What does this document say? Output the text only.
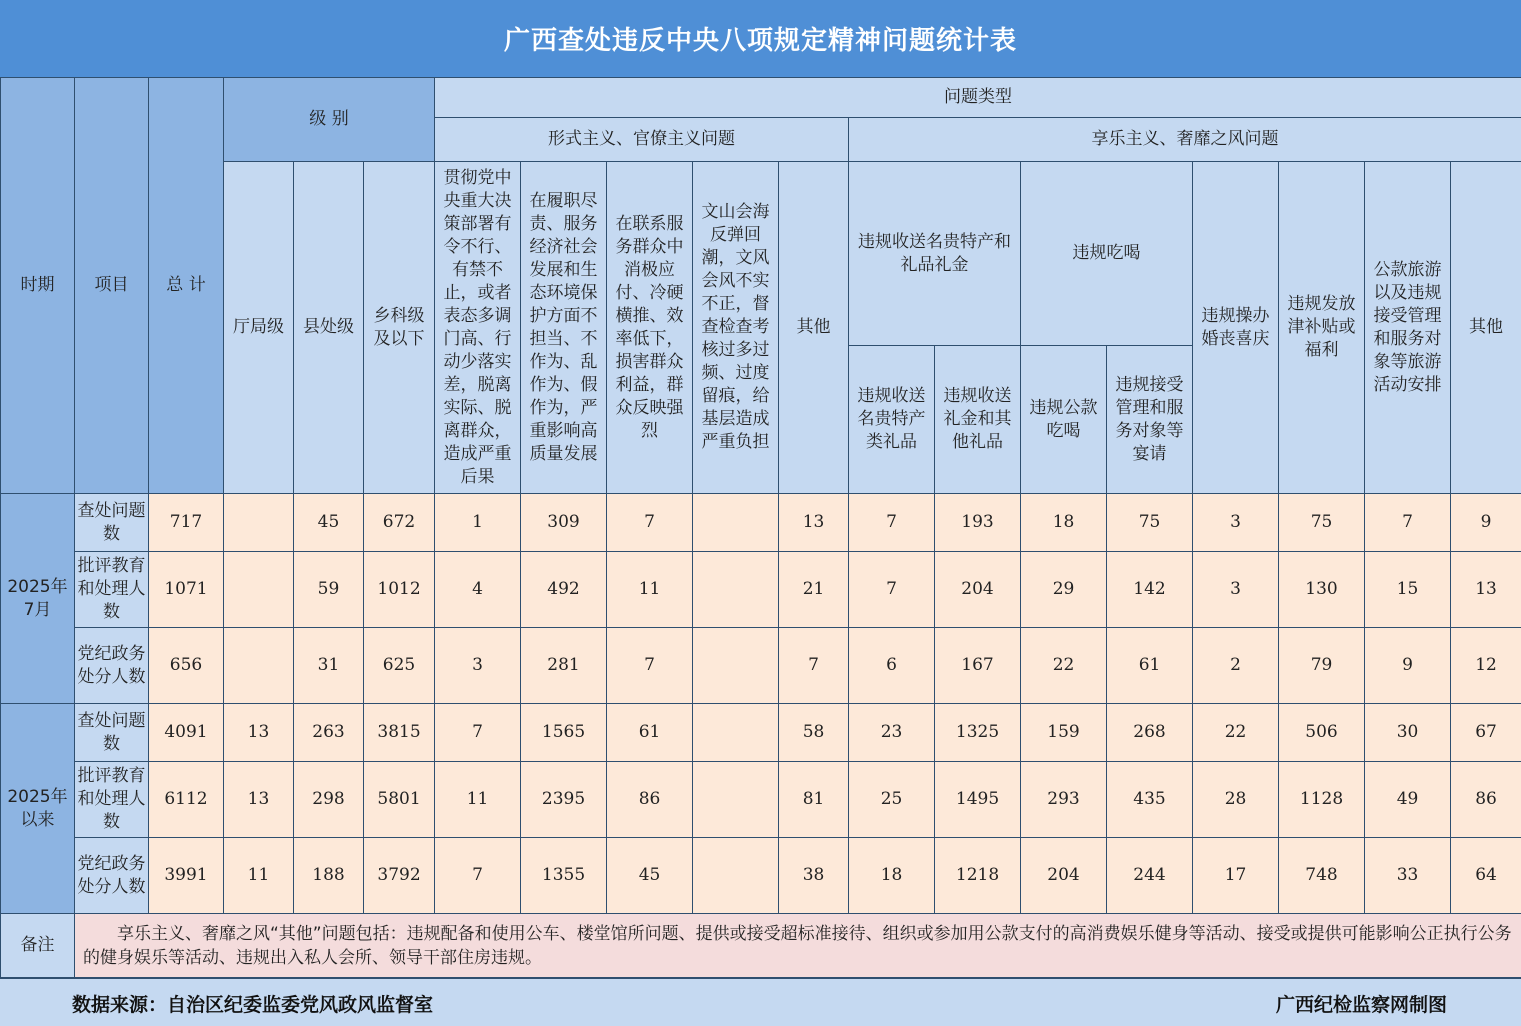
广西查处违反中央八项规定精神问题统计表
时期	项目	总 计	级 别			问题类型												
						形式主义、官僚主义问题					享乐主义、奢靡之风问题							
			厅局级	县处级	乡科级及以下	贯彻党中央重大决策部署有令不行、有禁不止，或者表态多调门高、行动少落实差，脱离实际、脱离群众，造成严重后果	在履职尽责、服务经济社会发展和生态环境保护方面不担当、不作为、乱作为、假作为，严重影响高质量发展	在联系服务群众中消极应付、冷硬横推、效率低下，损害群众利益，群众反映强烈	文山会海反弹回潮，文风会风不实不正，督查检查考核过多过频、过度留痕，给基层造成严重负担	其他	违规收送名贵特产和礼品礼金		违规吃喝		违规操办婚丧喜庆	违规发放津补贴或福利	公款旅游以及违规接受管理和服务对象等旅游活动安排	其他
											违规收送名贵特产类礼品	违规收送礼金和其他礼品	违规公款吃喝	违规接受管理和服务对象等宴请				
2025年7月	查处问题数	717		45	672	1	309	7		13	7	193	18	75	3	75	7	9
	批评教育和处理人数	1071		59	1012	4	492	11		21	7	204	29	142	3	130	15	13
	党纪政务处分人数	656		31	625	3	281	7		7	6	167	22	61	2	79	9	12
2025年以来	查处问题数	4091	13	263	3815	7	1565	61		58	23	1325	159	268	22	506	30	67
	批评教育和处理人数	6112	13	298	5801	11	2395	86		81	25	1495	293	435	28	1128	49	86
	党纪政务处分人数	3991	11	188	3792	7	1355	45		38	18	1218	204	244	17	748	33	64
备注	享乐主义、奢靡之风“其他”问题包括：违规配备和使用公车、楼堂馆所问题、提供或接受超标准接待、组织或参加用公款支付的高消费娱乐健身等活动、接受或提供可能影响公正执行公务的健身娱乐等活动、违规出入私人会所、领导干部住房违规。																	
数据来源：自治区纪委监委党风政风监督室	广西纪检监察网制图
